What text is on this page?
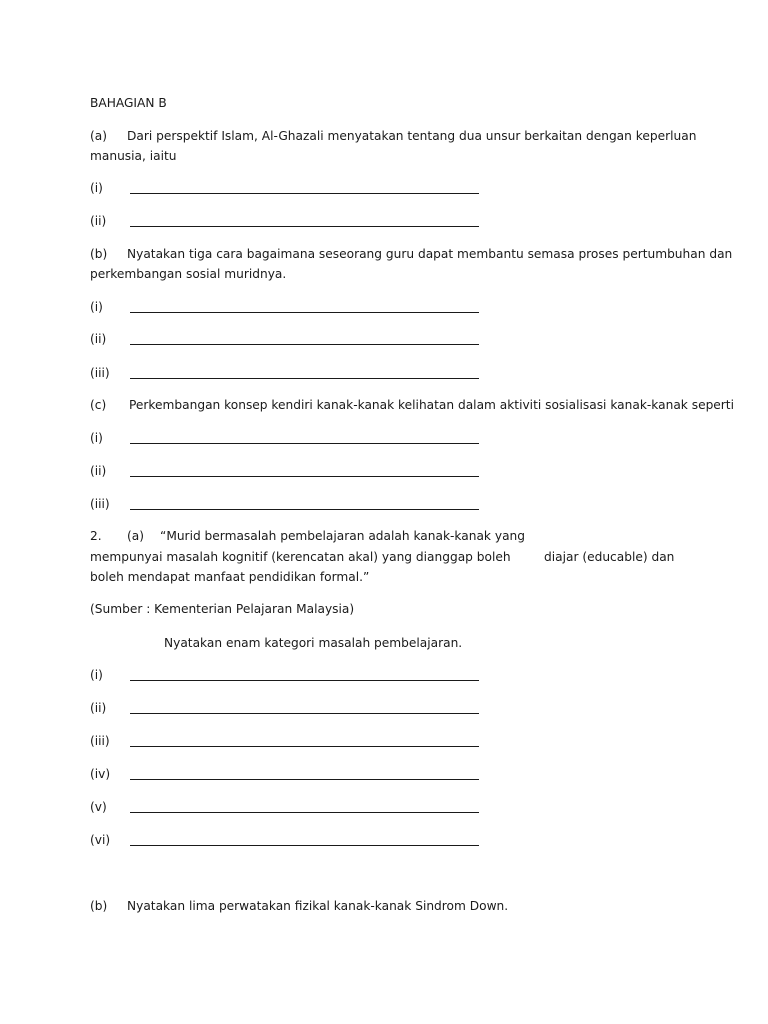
BAHAGIAN B
(a) Dari perspektif Islam, Al-Ghazali menyatakan tentang dua unsur berkaitan dengan keperluan
manusia, iaitu
(i)
(ii)
(b) Nyatakan tiga cara bagaimana seseorang guru dapat membantu semasa proses pertumbuhan dan
perkembangan sosial muridnya.
(i)
(ii)
(iii)
(c) Perkembangan konsep kendiri kanak-kanak kelihatan dalam aktiviti sosialisasi kanak-kanak seperti
(i)
(ii)
(iii)
2. (a) “Murid bermasalah pembelajaran adalah kanak-kanak yang
mempunyai masalah kognitif (kerencatan akal) yang dianggap boleh	diajar (educable) dan
boleh mendapat manfaat pendidikan formal.”
(Sumber : Kementerian Pelajaran Malaysia)
Nyatakan enam kategori masalah pembelajaran.
(i)
(ii)
(iii)
(iv)
(v)
(vi)
(b) Nyatakan lima perwatakan fizikal kanak-kanak Sindrom Down.
